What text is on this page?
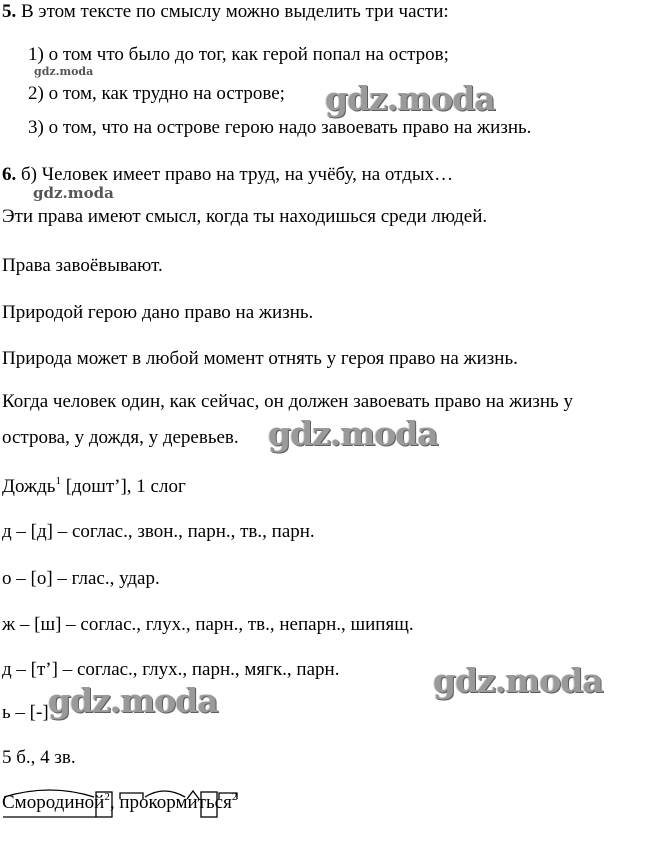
5. В этом тексте по смыслу можно выделить три части:
1) о том что было до тог, как герой попал на остров;
gdz.moda
2) о том, как трудно на острове; gdz.moda
3) о том, что на острове герою надо завоевать право на жизнь.
6. б) Человек имеет право на труд, на учёбу, на отдых…
gdz.moda
Эти права имеют смысл, когда ты находишься среди людей.
Права завоёвывают.
Природой герою дано право на жизнь.
Природа может в любой момент отнять у героя право на жизнь.
Когда человек один, как сейчас, он должен завоевать право на жизнь у
острова, у дождя, у деревьев. gdz.moda
Дождь$^1$ [дошт’], 1 слог
д – [д] – соглас., звон., парн., тв., парн.
о – [о] – глас., удар.
ж – [ш] – соглас., глух., парн., тв., непарн., шипящ.
д – [т’] – соглас., глух., парн., мягк., парн.	gdz.moda
ь – [-] gdz.moda
5 б., 4 зв.
Смородиной
$^2$, прокормиться
$^2$
